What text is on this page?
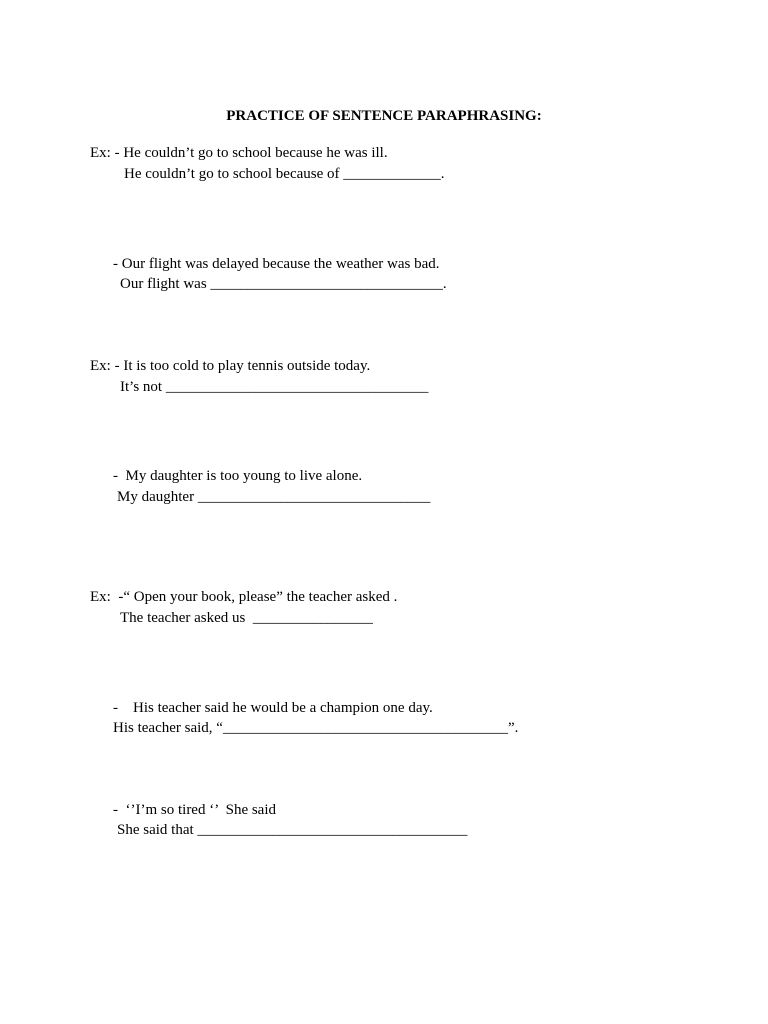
PRACTICE OF SENTENCE PARAPHRASING:
Ex: - He couldn’t go to school because he was ill.
He couldn’t go to school because of _____________.
- Our flight was delayed because the weather was bad.
Our flight was _______________________________.
Ex: - It is too cold to play tennis outside today.
It’s not ___________________________________
-  My daughter is too young to live alone.
My daughter _______________________________
Ex:  -“ Open your book, please” the teacher asked .
The teacher asked us  ________________
-    His teacher said he would be a champion one day.
His teacher said, “______________________________________”.
-  ‘’I’m so tired ‘’  She said
She said that ____________________________________
